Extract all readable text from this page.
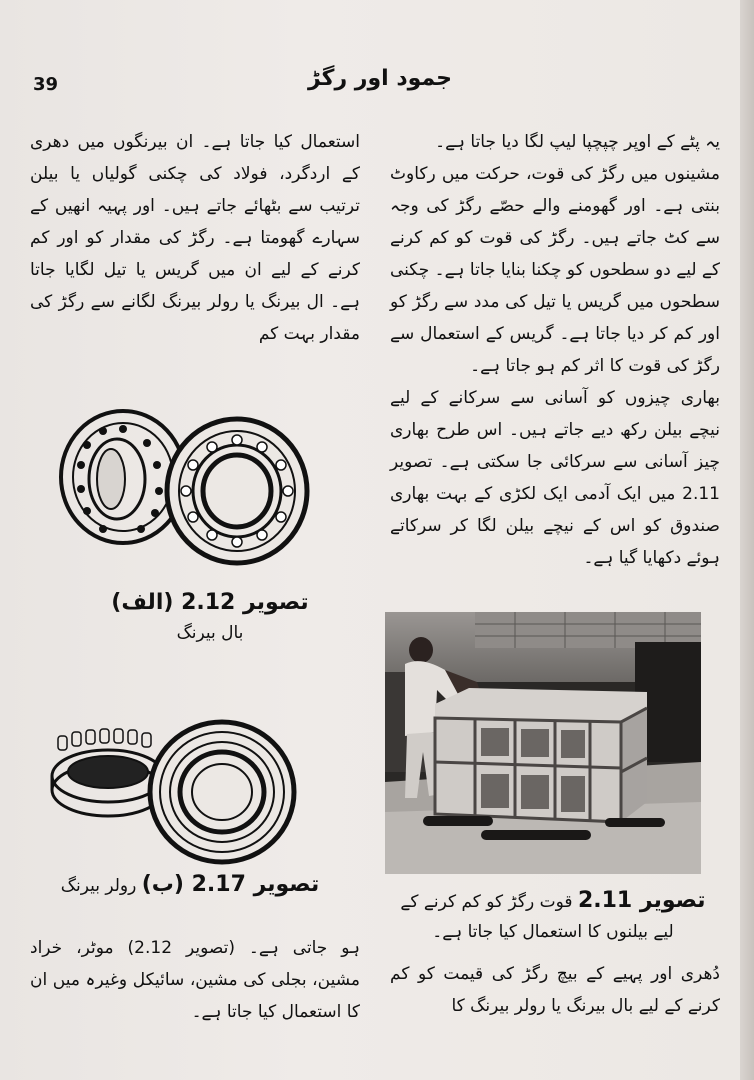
39	جمود اور رگڑ

یہ پٹے کے اوپر چپچپا لیپ لگا دیا جاتا ہے۔

مشینوں میں رگڑ کی قوت، حرکت میں رکاوٹ بنتی ہے۔ اور گھومنے والے حصّے رگڑ کی وجہ سے کٹ جاتے ہیں۔ رگڑ کی قوت کو کم کرنے کے لیے دو سطحوں کو چکنا بنایا جاتا ہے۔ چکنی سطحوں میں گریس یا تیل کی مدد سے رگڑ کو اور کم کر دیا جاتا ہے۔ گریس کے استعمال سے رگڑ کی قوت کا اثر کم ہو جاتا ہے۔

بھاری چیزوں کو آسانی سے سرکانے کے لیے نیچے بیلن رکھ دیے جاتے ہیں۔ اس طرح بھاری چیز آسانی سے سرکائی جا سکتی ہے۔ تصویر 2.11 میں ایک آدمی ایک لکڑی کے بہت بھاری صندوق کو اس کے نیچے بیلن لگا کر سرکاتے ہوئے دکھایا گیا ہے۔

استعمال کیا جاتا ہے۔ ان بیرنگوں میں دھری کے اردگرد، فولاد کی چکنی گولیاں یا بیلن ترتیب سے بٹھائے جاتے ہیں۔ اور پہیہ انھیں کے سہارے گھومتا ہے۔ رگڑ کی مقدار کو اور کم کرنے کے لیے ان میں گریس یا تیل لگایا جاتا ہے۔ ال بیرنگ یا رولر بیرنگ لگانے سے رگڑ کی مقدار بہت کم

تصویر 2.12 (الف)
بال بیرنگ
تصویر 2.17 (ب) رولر بیرنگ

ہو جاتی ہے۔ (تصویر 2.12) موٹر، خراد مشین، بجلی کی مشین، سائیکل وغیرہ میں ان کا استعمال کیا جاتا ہے۔

تصویر 2.11 قوت رگڑ کو کم کرنے کے لیے بیلنوں کا استعمال کیا جاتا ہے۔

دُھری اور پہیے کے بیچ رگڑ کی قیمت کو کم کرنے کے لیے بال بیرنگ یا رولر بیرنگ کا
